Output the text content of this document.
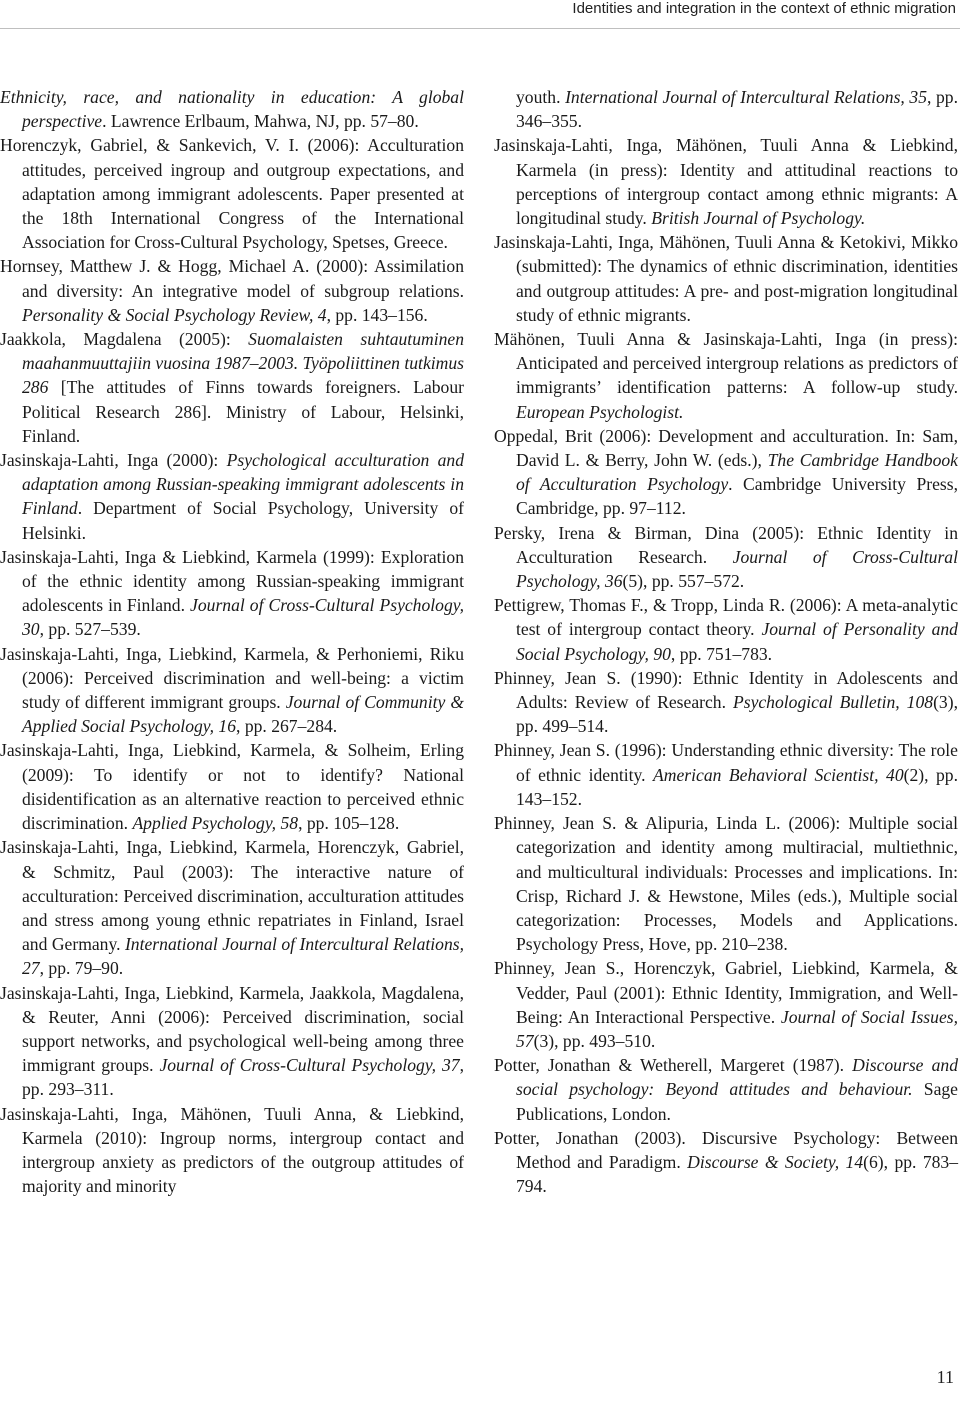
Identities and integration in the context of ethnic migration

Ethnicity, race, and nationality in education: A global perspective. Lawrence Erlbaum, Mahwa, NJ, pp. 57–80.

Horenczyk, Gabriel, & Sankevich, V. I. (2006): Acculturation attitudes, perceived ingroup and outgroup expectations, and adaptation among immigrant adolescents. Paper presented at the 18th International Congress of the International Association for Cross-Cultural Psychology, Spetses, Greece.

Hornsey, Matthew J. & Hogg, Michael A. (2000): Assimilation and diversity: An integrative model of subgroup relations. Personality & Social Psychology Review, 4, pp. 143–156.

Jaakkola, Magdalena (2005): Suomalaisten suhtautuminen maahanmuuttajiin vuosina 1987–2003. Työpoliittinen tutkimus 286 [The attitudes of Finns towards foreigners. Labour Political Research 286]. Ministry of Labour, Helsinki, Finland.

Jasinskaja-Lahti, Inga (2000): Psychological acculturation and adaptation among Russian-speaking immigrant adolescents in Finland. Department of Social Psychology, University of Helsinki.

Jasinskaja-Lahti, Inga & Liebkind, Karmela (1999): Exploration of the ethnic identity among Russian-speaking immigrant adolescents in Finland. Journal of Cross-Cultural Psychology, 30, pp. 527–539.

Jasinskaja-Lahti, Inga, Liebkind, Karmela, & Perhoniemi, Riku (2006): Perceived discrimination and well-being: a victim study of different immigrant groups. Journal of Community & Applied Social Psychology, 16, pp. 267–284.

Jasinskaja-Lahti, Inga, Liebkind, Karmela, & Solheim, Erling (2009): To identify or not to identify? National disidentification as an alternative reaction to perceived ethnic discrimination. Applied Psychology, 58, pp. 105–128.

Jasinskaja-Lahti, Inga, Liebkind, Karmela, Horenczyk, Gabriel, & Schmitz, Paul (2003): The interactive nature of acculturation: Perceived discrimination, acculturation attitudes and stress among young ethnic repatriates in Finland, Israel and Germany. International Journal of Intercultural Relations, 27, pp. 79–90.

Jasinskaja-Lahti, Inga, Liebkind, Karmela, Jaakkola, Magdalena, & Reuter, Anni (2006): Perceived discrimination, social support networks, and psychological well-being among three immigrant groups. Journal of Cross-Cultural Psychology, 37, pp. 293–311.

Jasinskaja-Lahti, Inga, Mähönen, Tuuli Anna, & Liebkind, Karmela (2010): Ingroup norms, intergroup contact and intergroup anxiety as predictors of the outgroup attitudes of majority and minority

youth. International Journal of Intercultural Relations, 35, pp. 346–355.

Jasinskaja-Lahti, Inga, Mähönen, Tuuli Anna & Liebkind, Karmela (in press): Identity and attitudinal reactions to perceptions of intergroup contact among ethnic migrants: A longitudinal study. British Journal of Psychology.

Jasinskaja-Lahti, Inga, Mähönen, Tuuli Anna & Ketokivi, Mikko (submitted): The dynamics of ethnic discrimination, identities and outgroup attitudes: A pre- and post-migration longitudinal study of ethnic migrants.

Mähönen, Tuuli Anna & Jasinskaja-Lahti, Inga (in press): Anticipated and perceived intergroup relations as predictors of immigrants’ identification patterns: A follow-up study. European Psychologist.

Oppedal, Brit (2006): Development and acculturation. In: Sam, David L. & Berry, John W. (eds.), The Cambridge Handbook of Acculturation Psychology. Cambridge University Press, Cambridge, pp. 97–112.

Persky, Irena & Birman, Dina (2005): Ethnic Identity in Acculturation Research. Journal of Cross-Cultural Psychology, 36(5), pp. 557–572.

Pettigrew, Thomas F., & Tropp, Linda R. (2006): A meta-analytic test of intergroup contact theory. Journal of Personality and Social Psychology, 90, pp. 751–783.

Phinney, Jean S. (1990): Ethnic Identity in Adolescents and Adults: Review of Research. Psychological Bulletin, 108(3), pp. 499–514.

Phinney, Jean S. (1996): Understanding ethnic diversity: The role of ethnic identity. American Behavioral Scientist, 40(2), pp. 143–152.

Phinney, Jean S. & Alipuria, Linda L. (2006): Multiple social categorization and identity among multiracial, multiethnic, and multicultural individuals: Processes and implications. In: Crisp, Richard J. & Hewstone, Miles (eds.), Multiple social categorization: Processes, Models and Applications. Psychology Press, Hove, pp. 210–238.

Phinney, Jean S., Horenczyk, Gabriel, Liebkind, Karmela, & Vedder, Paul (2001): Ethnic Identity, Immigration, and Well-Being: An Interactional Perspective. Journal of Social Issues, 57(3), pp. 493–510.

Potter, Jonathan & Wetherell, Margeret (1987). Discourse and social psychology: Beyond attitudes and behaviour. Sage Publications, London.

Potter, Jonathan (2003). Discursive Psychology: Between Method and Paradigm. Discourse & Society, 14(6), pp. 783–794.

11
